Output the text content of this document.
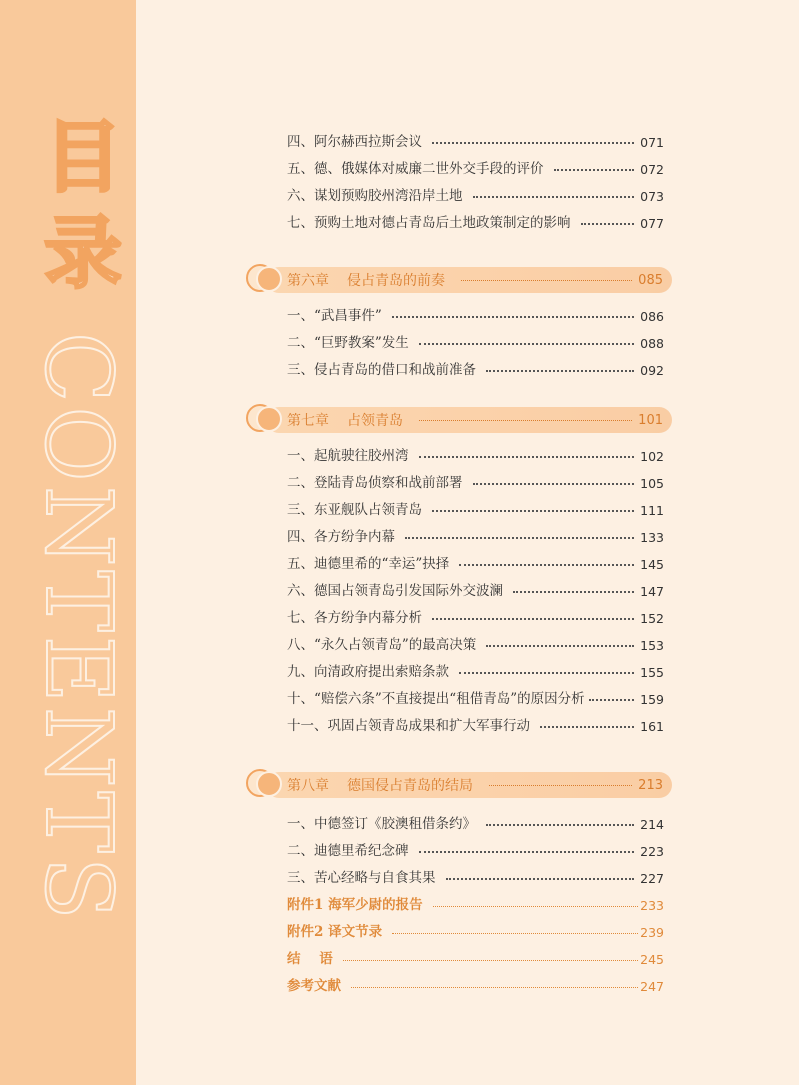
目录
CONTENTS
四、阿尔赫西拉斯会议	071
五、德、俄媒体对威廉二世外交手段的评价	072
六、谋划预购胶州湾沿岸土地	073
七、预购土地对德占青岛后土地政策制定的影响	077
第六章 侵占青岛的前奏	085
一、“武昌事件”	086
二、“巨野教案”发生	088
三、侵占青岛的借口和战前准备	092
第七章 占领青岛	101
一、起航驶往胶州湾	102
二、登陆青岛侦察和战前部署	105
三、东亚舰队占领青岛	111
四、各方纷争内幕	133
五、迪德里希的“幸运”抉择	145
六、德国占领青岛引发国际外交波澜	147
七、各方纷争内幕分析	152
八、“永久占领青岛”的最高决策	153
九、向清政府提出索赔条款	155
十、“赔偿六条”不直接提出“租借青岛”的原因分析	159
十一、巩固占领青岛成果和扩大军事行动	161
第八章 德国侵占青岛的结局	213
一、中德签订《胶澳租借条约》	214
二、迪德里希纪念碑	223
三、苦心经略与自食其果	227
附件1 海军少尉的报告	233
附件2 译文节录	239
结    语	245
参考文献	247
